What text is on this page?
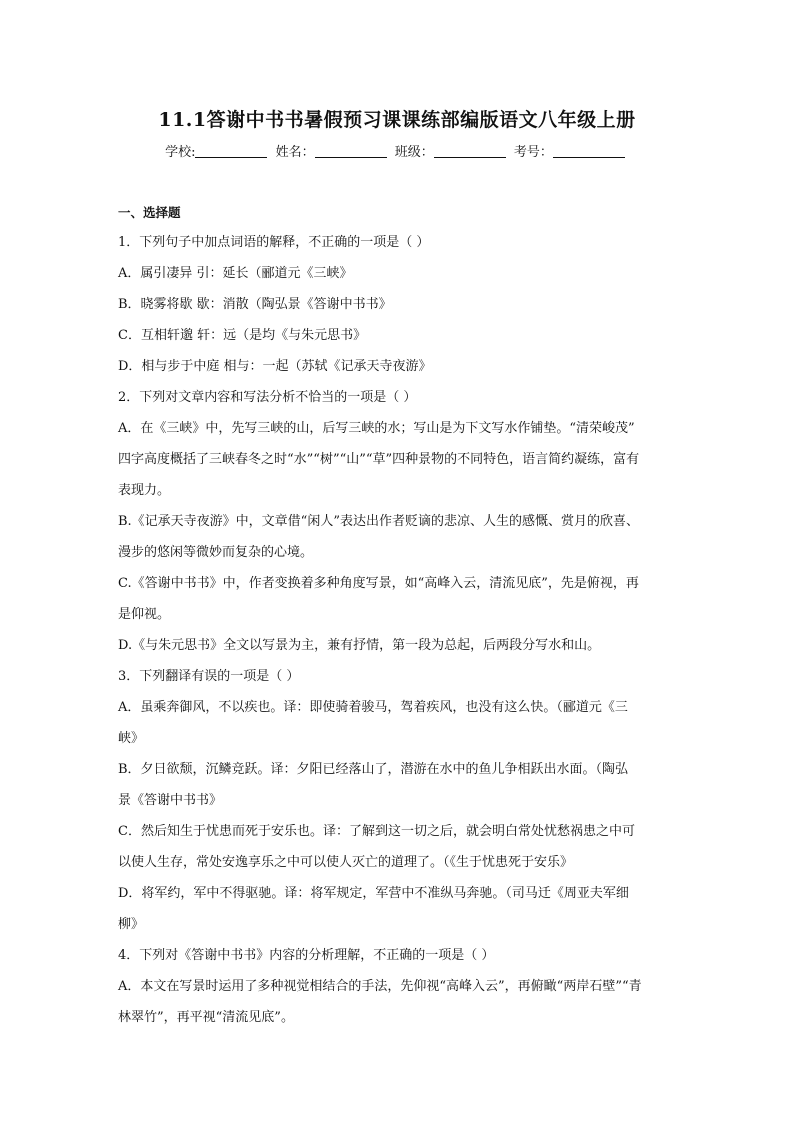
11.1答谢中书书暑假预习课课练部编版语文八年级上册
学校:	姓名：	班级：	考号：
一、选择题

1．下列句子中加点词语的解释，不正确的一项是（ ）

A．属引凄异 引：延长（郦道元《三峡》

B．晓雾将歇 歇：消散（陶弘景《答谢中书书》

C．互相轩邈 轩：远（是均《与朱元思书》

D．相与步于中庭 相与：一起（苏轼《记承天寺夜游》

2．下列对文章内容和写法分析不恰当的一项是（ ）

A．在《三峡》中，先写三峡的山，后写三峡的水；写山是为下文写水作铺垫。“清荣峻茂”

四字高度概括了三峡春冬之时“水”“树”“山”“草”四种景物的不同特色，语言简约凝练，富有

表现力。

B.《记承天寺夜游》中，文章借“闲人”表达出作者贬谪的悲凉、人生的感慨、赏月的欣喜、

漫步的悠闲等微妙而复杂的心境。

C.《答谢中书书》中，作者变换着多种角度写景，如“高峰入云，清流见底”，先是俯视，再

是仰视。

D.《与朱元思书》全文以写景为主，兼有抒情，第一段为总起，后两段分写水和山。

3．下列翻译有误的一项是（ ）

A．虽乘奔御风，不以疾也。译：即使骑着骏马，驾着疾风，也没有这么快。（郦道元《三

峡》

B．夕日欲颓，沉鳞竞跃。译：夕阳已经落山了，潜游在水中的鱼儿争相跃出水面。（陶弘

景《答谢中书书》

C．然后知生于忧患而死于安乐也。译：了解到这一切之后，就会明白常处忧愁祸患之中可

以使人生存，常处安逸享乐之中可以使人灭亡的道理了。（《生于忧患死于安乐》

D．将军约，军中不得驱驰。译：将军规定，军营中不准纵马奔驰。（司马迁《周亚夫军细

柳》

4．下列对《答谢中书书》内容的分析理解，不正确的一项是（ ）

A．本文在写景时运用了多种视觉相结合的手法，先仰视“高峰入云”，再俯瞰“两岸石壁”“青

林翠竹”，再平视“清流见底”。
